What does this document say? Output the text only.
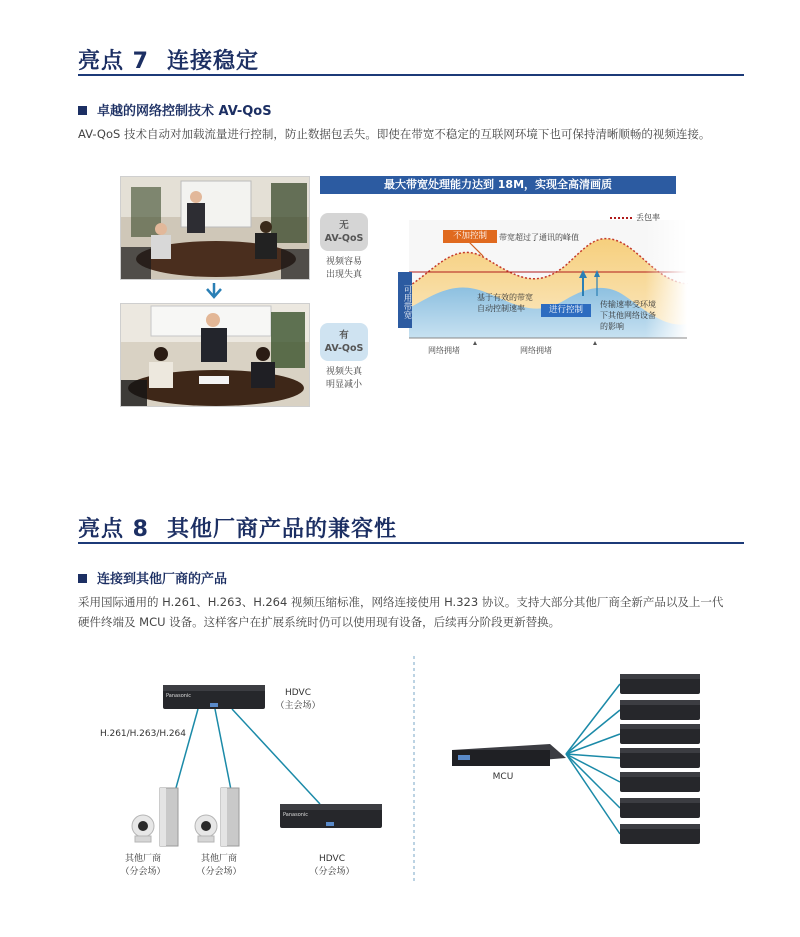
亮点 7 连接稳定
卓越的网络控制技术 AV-QoS
AV-QoS 技术自动对加载流量进行控制，防止数据包丢失。即使在带宽不稳定的互联网环境下也可保持清晰顺畅的视频连接。
无
AV-QoS
视频容易
出现失真
有
AV-QoS
视频失真
明显减小
最大带宽处理能力达到 18M，实现全高清画质
可用带宽
丢包率
不加控制	带宽超过了通讯的峰值
基于有效的带宽
自动控制速率	进行控制
传输速率受环境
下其他网络设备
的影响
网络拥堵	网络拥堵
亮点 8 其他厂商产品的兼容性
连接到其他厂商的产品
采用国际通用的 H.261、H.263、H.264 视频压缩标准，网络连接使用 H.323 协议。支持大部分其他厂商全新产品以及上一代
硬件终端及 MCU 设备。这样客户在扩展系统时仍可以使用现有设备，后续再分阶段更新替换。
Panasonic
Panasonic
HDVC
（主会场）
H.261/H.263/H.264
其他厂商
（分会场）
其他厂商
（分会场）
HDVC
（分会场）
MCU
